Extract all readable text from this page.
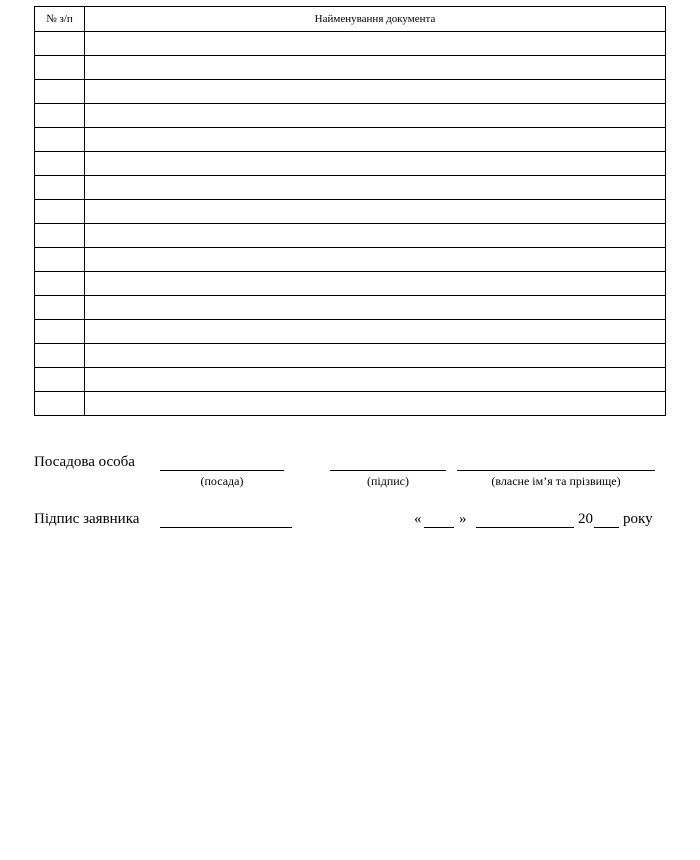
№ з/п	Найменування документа

Посадова особа
(посада)	(підпис)	(власне ім’я та прізвище)
Підпис заявника	«	»	20 року
